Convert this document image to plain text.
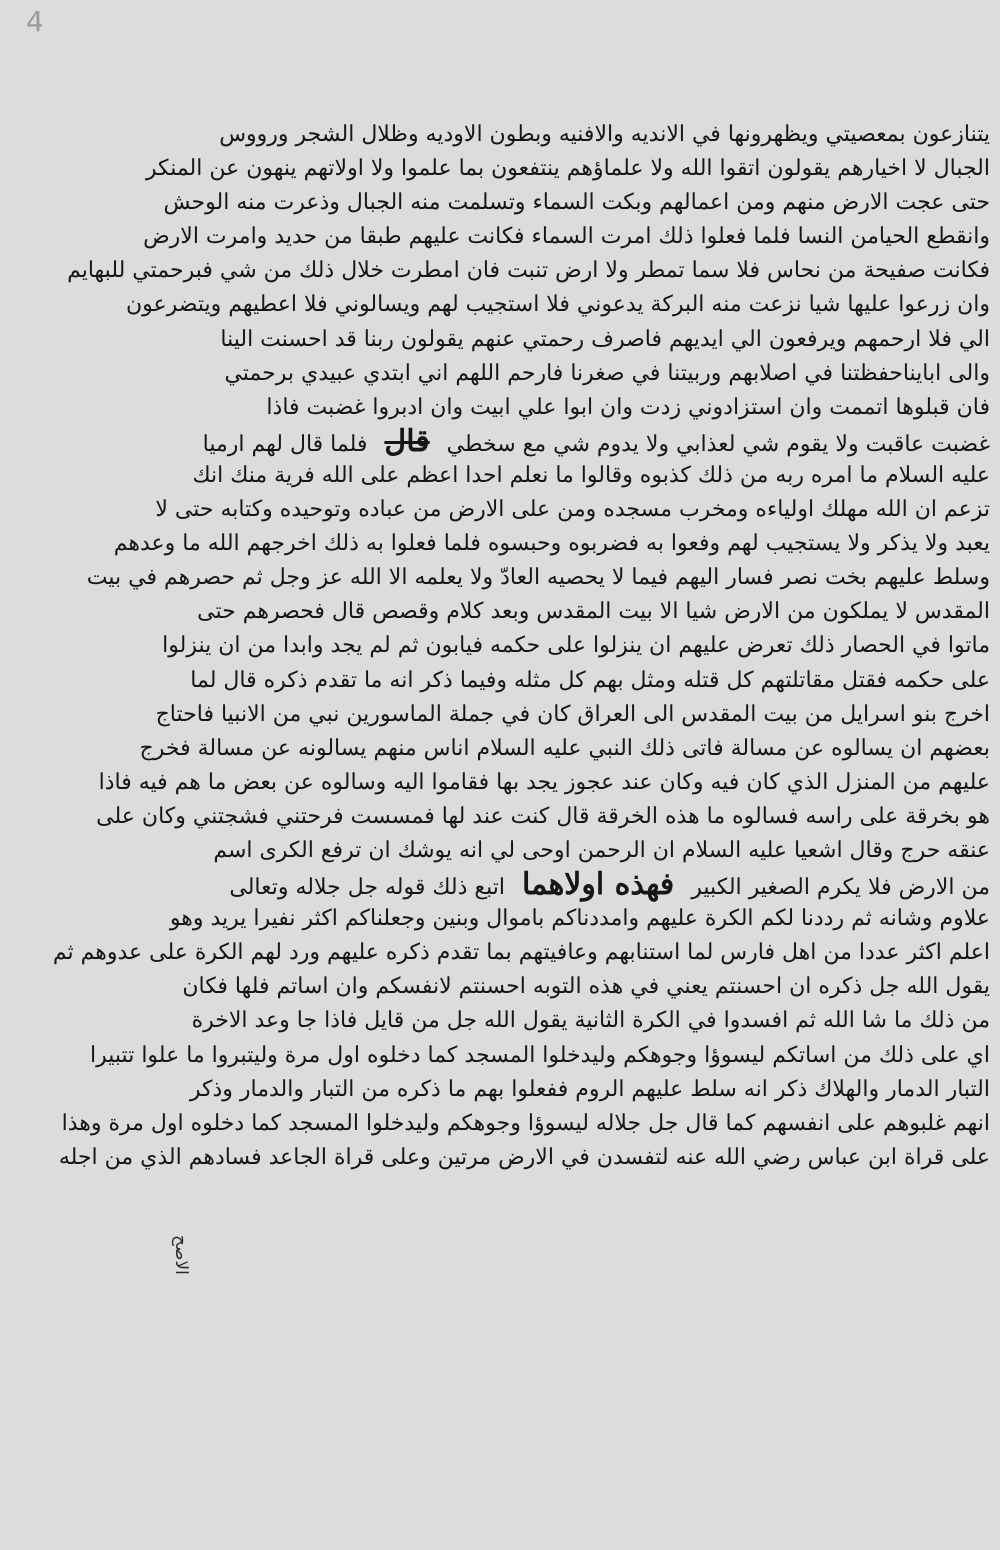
4
الاصح
يتنازعون بمعصيتي ويظهرونها في الانديه والافنيه وبطون الاوديه وظلال الشجر ورووس
الجبال لا اخيارهم يقولون اتقوا الله ولا علماؤهم ينتفعون بما علموا ولا اولاتهم ينهون عن المنكر
حتى عجت الارض منهم ومن اعمالهم وبكت السماء وتسلمت منه الجبال وذعرت منه الوحش
وانقطع الحيامن النسا فلما فعلوا ذلك امرت السماء فكانت عليهم طبقا من حديد وامرت الارض
فكانت صفيحة من نحاس فلا سما تمطر ولا ارض تنبت فان امطرت خلال ذلك من شي فبرحمتي للبهايم
وان زرعوا عليها شيا نزعت منه البركة يدعوني فلا استجيب لهم ويسالوني فلا اعطيهم ويتضرعون
الي فلا ارحمهم ويرفعون الي ايديهم فاصرف رحمتي عنهم يقولون ربنا قد احسنت الينا
والى ابايناحفظتنا في اصلابهم وربيتنا في صغرنا فارحم اللهم اني ابتدي عبيدي برحمتي
فان قبلوها اتممت وان استزادوني زدت وان ابوا علي ابيت وان ادبروا غضبت فاذا
غضبت عاقبت ولا يقوم شي لعذابي ولا يدوم شي مع سخطي قال فلما قال لهم ارميا
عليه السلام ما امره ربه من ذلك كذبوه وقالوا ما نعلم احدا اعظم على الله فرية منك انك
تزعم ان الله مهلك اولياءه ومخرب مسجده ومن على الارض من عباده وتوحيده وكتابه حتى لا
يعبد ولا يذكر ولا يستجيب لهم وفعوا به فضربوه وحبسوه فلما فعلوا به ذلك اخرجهم الله ما وعدهم
وسلط عليهم بخت نصر فسار اليهم فيما لا يحصيه العادّ ولا يعلمه الا الله عز وجل ثم حصرهم في بيت
المقدس لا يملكون من الارض شيا الا بيت المقدس وبعد كلام وقصص قال فحصرهم حتى
ماتوا في الحصار ذلك تعرض عليهم ان ينزلوا على حكمه فيابون ثم لم يجد وابدا من ان ينزلوا
على حكمه فقتل مقاتلتهم كل قتله ومثل بهم كل مثله وفيما ذكر انه ما تقدم ذكره قال لما
اخرج بنو اسرايل من بيت المقدس الى العراق كان في جملة الماسورين نبي من الانبيا فاحتاج
بعضهم ان يسالوه عن مسالة فاتى ذلك النبي عليه السلام اناس منهم يسالونه عن مسالة فخرج
عليهم من المنزل الذي كان فيه وكان عند عجوز يجد بها فقاموا اليه وسالوه عن بعض ما هم فيه فاذا
هو بخرقة على راسه فسالوه ما هذه الخرقة قال كنت عند لها فمسست فرحتني فشجتني وكان على
عنقه حرج وقال اشعيا عليه السلام ان الرحمن اوحى لي انه يوشك ان ترفع الكرى اسم
من الارض فلا يكرم الصغير الكبير فهذه اولاهما اتبع ذلك قوله جل جلاله وتعالى
علاوم وشانه ثم رددنا لكم الكرة عليهم وامددناكم باموال وبنين وجعلناكم اكثر نفيرا يريد وهو
اعلم اكثر عددا من اهل فارس لما استنابهم وعافيتهم بما تقدم ذكره عليهم ورد لهم الكرة على عدوهم ثم
يقول الله جل ذكره ان احسنتم يعني في هذه التوبه احسنتم لانفسكم وان اساتم فلها فكان
من ذلك ما شا الله ثم افسدوا في الكرة الثانية يقول الله جل من قايل فاذا جا وعد الاخرة
اي على ذلك من اساتكم ليسوؤا وجوهكم وليدخلوا المسجد كما دخلوه اول مرة وليتبروا ما علوا تتبيرا
التبار الدمار والهلاك ذكر انه سلط عليهم الروم ففعلوا بهم ما ذكره من التبار والدمار وذكر
انهم غلبوهم على انفسهم كما قال جل جلاله ليسوؤا وجوهكم وليدخلوا المسجد كما دخلوه اول مرة وهذا
على قراة ابن عباس رضي الله عنه لتفسدن في الارض مرتين وعلى قراة الجاعد فسادهم الذي من اجله
